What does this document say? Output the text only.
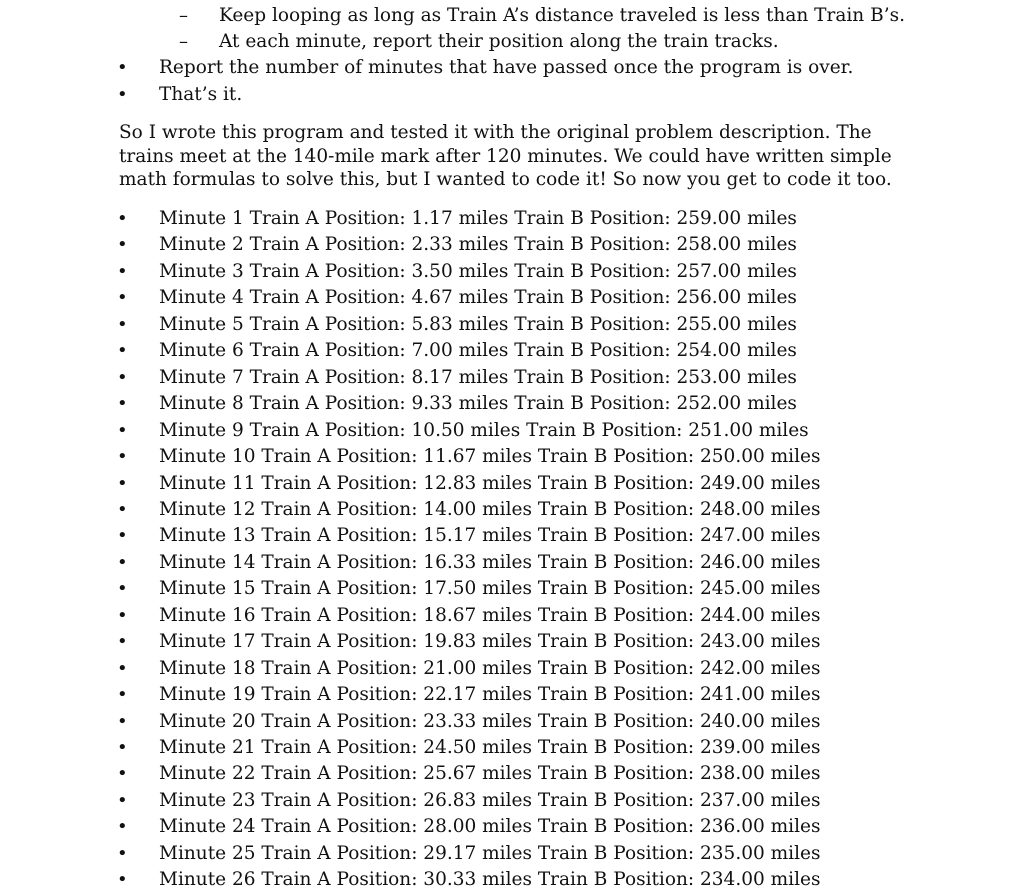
– Keep looping as long as Train A’s distance traveled is less than Train B’s.
– At each minute, report their position along the train tracks.
• Report the number of minutes that have passed once the program is over.
• That’s it.
So I wrote this program and tested it with the original problem description. The trains meet at the 140-mile mark after 120 minutes. We could have written simple math formulas to solve this, but I wanted to code it! So now you get to code it too.
• Minute 1 Train A Position: 1.17 miles Train B Position: 259.00 miles
• Minute 2 Train A Position: 2.33 miles Train B Position: 258.00 miles
• Minute 3 Train A Position: 3.50 miles Train B Position: 257.00 miles
• Minute 4 Train A Position: 4.67 miles Train B Position: 256.00 miles
• Minute 5 Train A Position: 5.83 miles Train B Position: 255.00 miles
• Minute 6 Train A Position: 7.00 miles Train B Position: 254.00 miles
• Minute 7 Train A Position: 8.17 miles Train B Position: 253.00 miles
• Minute 8 Train A Position: 9.33 miles Train B Position: 252.00 miles
• Minute 9 Train A Position: 10.50 miles Train B Position: 251.00 miles
• Minute 10 Train A Position: 11.67 miles Train B Position: 250.00 miles
• Minute 11 Train A Position: 12.83 miles Train B Position: 249.00 miles
• Minute 12 Train A Position: 14.00 miles Train B Position: 248.00 miles
• Minute 13 Train A Position: 15.17 miles Train B Position: 247.00 miles
• Minute 14 Train A Position: 16.33 miles Train B Position: 246.00 miles
• Minute 15 Train A Position: 17.50 miles Train B Position: 245.00 miles
• Minute 16 Train A Position: 18.67 miles Train B Position: 244.00 miles
• Minute 17 Train A Position: 19.83 miles Train B Position: 243.00 miles
• Minute 18 Train A Position: 21.00 miles Train B Position: 242.00 miles
• Minute 19 Train A Position: 22.17 miles Train B Position: 241.00 miles
• Minute 20 Train A Position: 23.33 miles Train B Position: 240.00 miles
• Minute 21 Train A Position: 24.50 miles Train B Position: 239.00 miles
• Minute 22 Train A Position: 25.67 miles Train B Position: 238.00 miles
• Minute 23 Train A Position: 26.83 miles Train B Position: 237.00 miles
• Minute 24 Train A Position: 28.00 miles Train B Position: 236.00 miles
• Minute 25 Train A Position: 29.17 miles Train B Position: 235.00 miles
• Minute 26 Train A Position: 30.33 miles Train B Position: 234.00 miles
